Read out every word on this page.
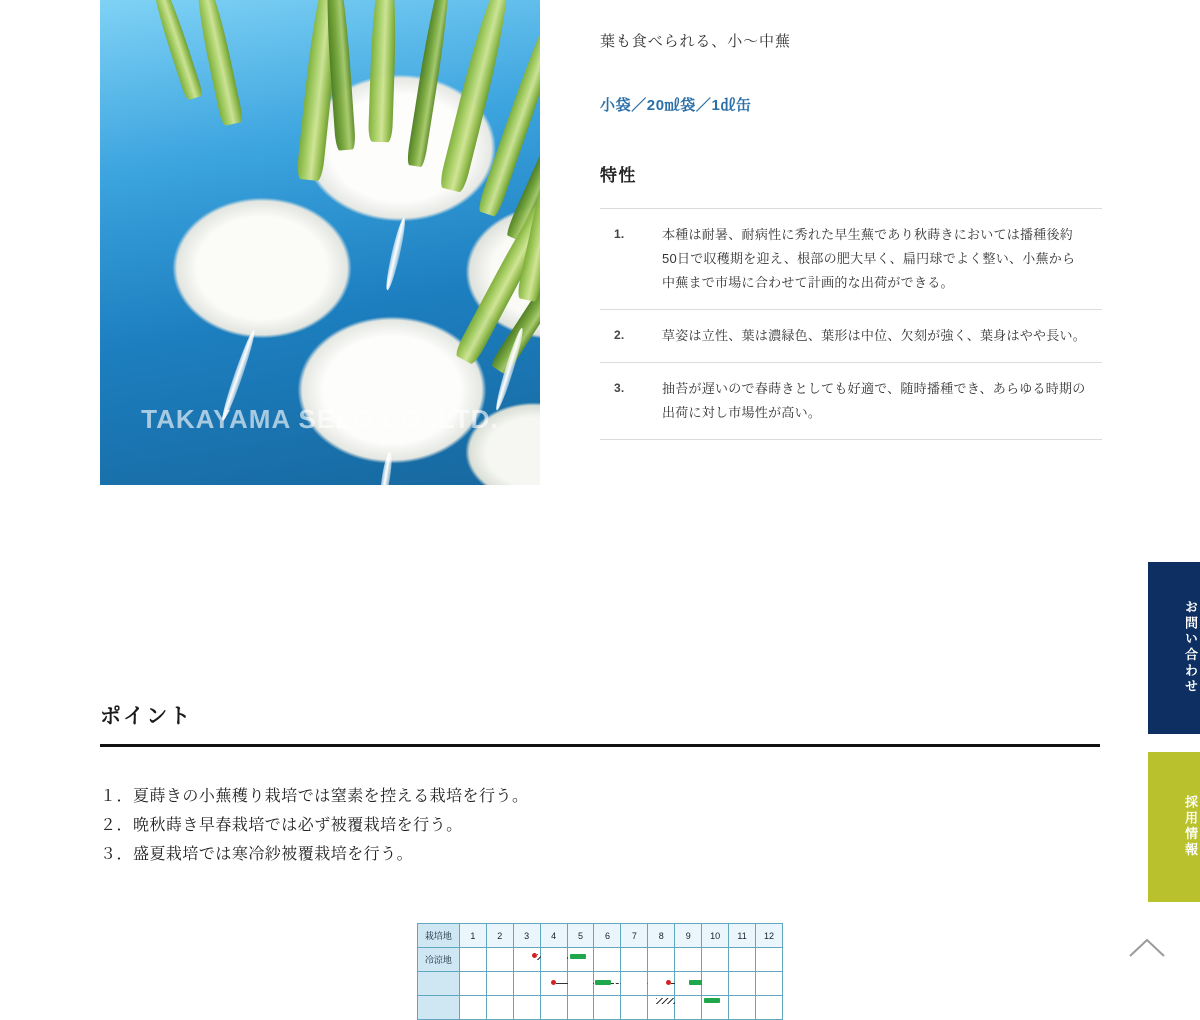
TAKAYAMA SEED CO.,LTD.

葉も食べられる、小〜中蕪

小袋／20㎖袋／1㎗缶

特性
1.	本種は耐暑、耐病性に秀れた早生蕪であり秋蒔きにおいては播種後約50日で収穫期を迎え、根部の肥大早く、扁円球でよく整い、小蕪から中蕪まで市場に合わせて計画的な出荷ができる。
2.	草姿は立性、葉は濃緑色、葉形は中位、欠刻が強く、葉身はやや長い。
3.	抽苔が遅いので春蒔きとしても好適で、随時播種でき、あらゆる時期の出荷に対し市場性が高い。
ポイント
１．夏蒔きの小蕪穫り栽培では窒素を控える栽培を行う。
２．晩秋蒔き早春栽培では必ず被覆栽培を行う。
３．盛夏栽培では寒冷紗被覆栽培を行う。
栽培地	1	2	3	4	5	6	7	8	9	10	11	12
冷涼地			

お問い合わせ
採用情報
